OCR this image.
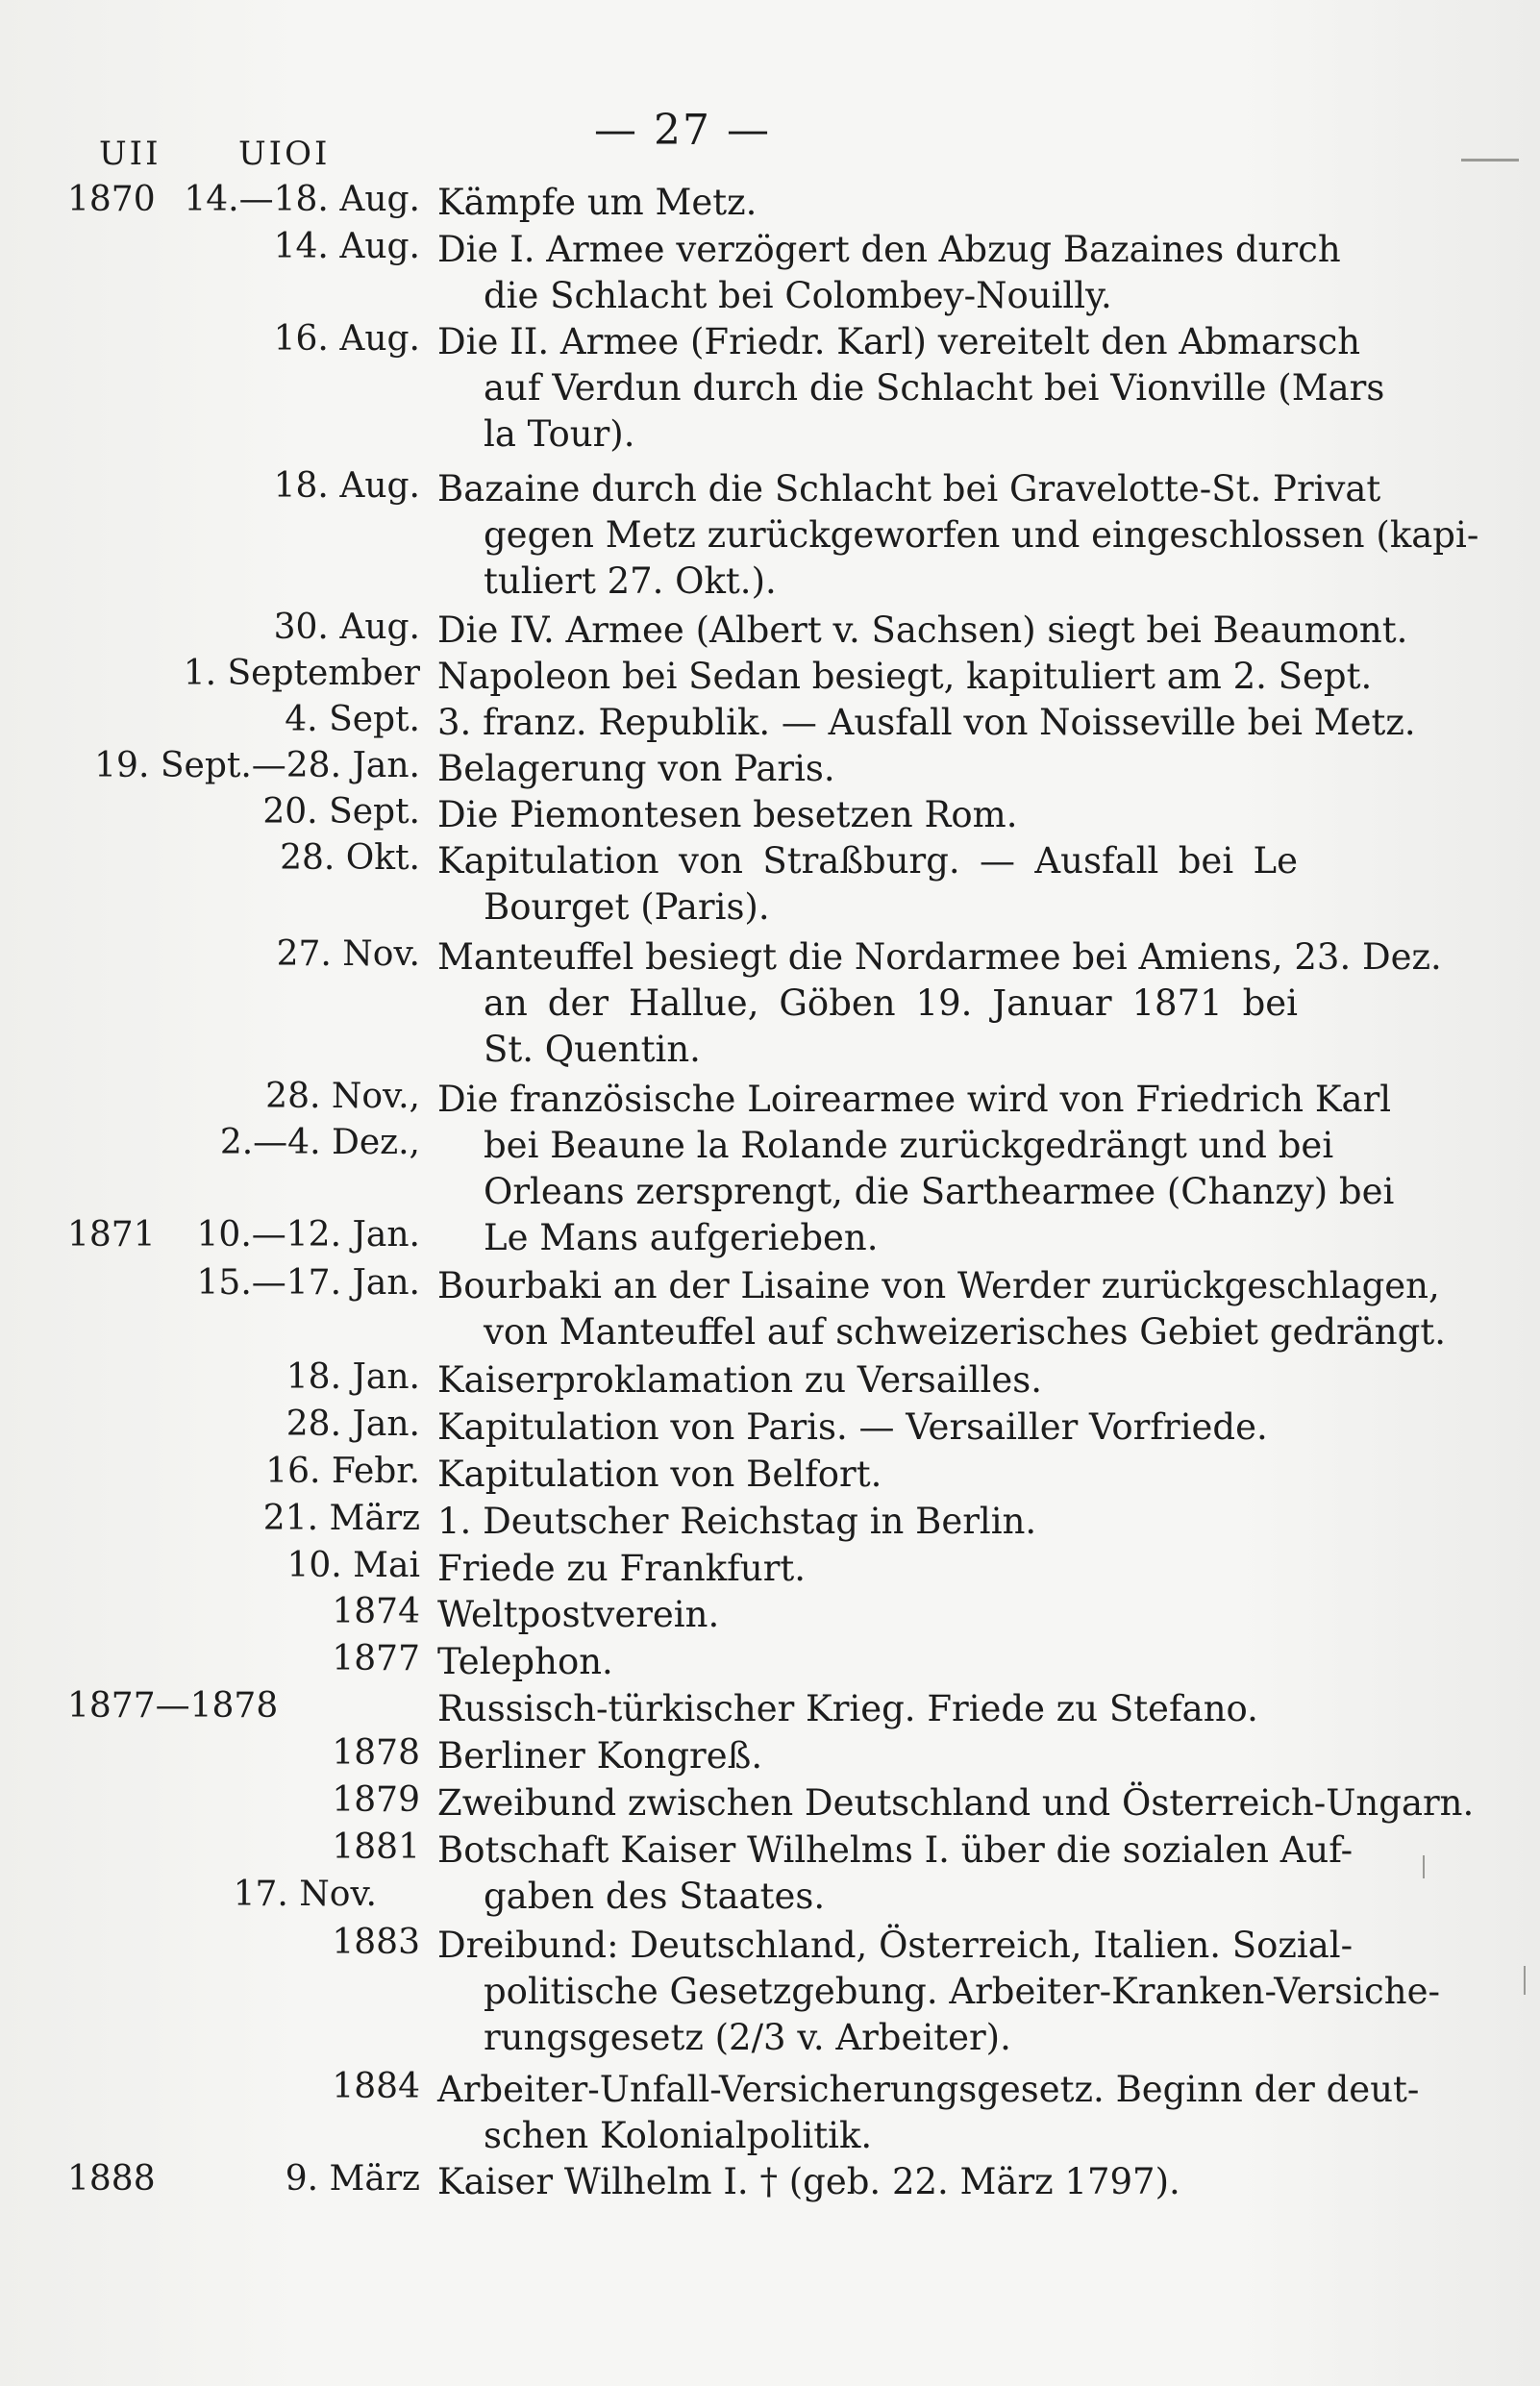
— 27 —
UII UIOI
1870 14.—18. Aug. Kämpfe um Metz.
14. Aug. Die I. Armee verzögert den Abzug Bazaines durch
die Schlacht bei Colombey-Nouilly.
16. Aug. Die II. Armee (Friedr. Karl) vereitelt den Abmarsch
auf Verdun durch die Schlacht bei Vionville (Mars
la Tour).
18. Aug. Bazaine durch die Schlacht bei Gravelotte-St. Privat
gegen Metz zurückgeworfen und eingeschlossen (kapi-
tuliert 27. Okt.).
30. Aug. Die IV. Armee (Albert v. Sachsen) siegt bei Beaumont.
1. September Napoleon bei Sedan besiegt, kapituliert am 2. Sept.
4. Sept. 3. franz. Republik. — Ausfall von Noisseville bei Metz.
19. Sept.—28. Jan. Belagerung von Paris.
20. Sept. Die Piemontesen besetzen Rom.
28. Okt. Kapitulation von Straßburg. — Ausfall bei Le
Bourget (Paris).
27. Nov. Manteuffel besiegt die Nordarmee bei Amiens, 23. Dez.
an der Hallue, Göben 19. Januar 1871 bei
St. Quentin.
28. Nov.,
2.—4. Dez.,
Die französische Loirearmee wird von Friedrich Karl
bei Beaune la Rolande zurückgedrängt und bei
Orleans zersprengt, die Sarthearmee (Chanzy) bei
Le Mans aufgerieben.
1871 10.—12. Jan.
15.—17. Jan. Bourbaki an der Lisaine von Werder zurückgeschlagen,
von Manteuffel auf schweizerisches Gebiet gedrängt.
18. Jan. Kaiserproklamation zu Versailles.
28. Jan. Kapitulation von Paris. — Versailler Vorfriede.
16. Febr. Kapitulation von Belfort.
21. März 1. Deutscher Reichstag in Berlin.
10. Mai Friede zu Frankfurt.
1874 Weltpostverein.
1877 Telephon.
1877—1878	Russisch-türkischer Krieg. Friede zu Stefano.
1878 Berliner Kongreß.
1879 Zweibund zwischen Deutschland und Österreich-Ungarn.
1881
17. Nov.
Botschaft Kaiser Wilhelms I. über die sozialen Auf-
gaben des Staates.
1883 Dreibund: Deutschland, Österreich, Italien. Sozial-
politische Gesetzgebung. Arbeiter-Kranken-Versiche-
rungsgesetz (2/3 v. Arbeiter).
1884 Arbeiter-Unfall-Versicherungsgesetz. Beginn der deut-
schen Kolonialpolitik.
1888	9. März Kaiser Wilhelm I. † (geb. 22. März 1797).
